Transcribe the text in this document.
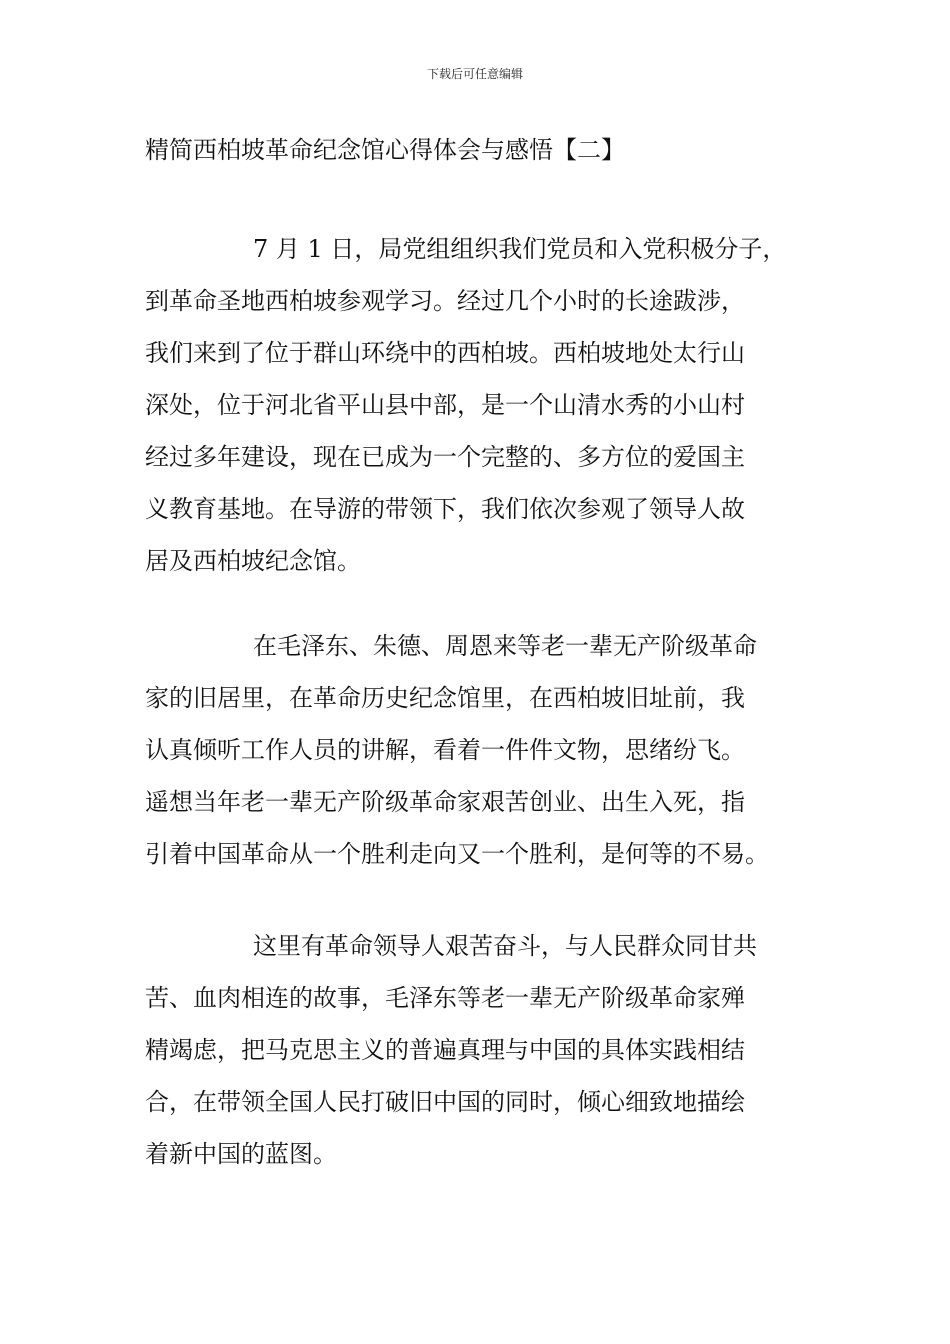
下载后可任意编辑
精简西柏坡革命纪念馆心得体会与感悟【二】
7 月 1 日，局党组组织我们党员和入党积极分子，
到革命圣地西柏坡参观学习。经过几个小时的长途跋涉，
我们来到了位于群山环绕中的西柏坡。西柏坡地处太行山
深处，位于河北省平山县中部，是一个山清水秀的小山村
经过多年建设，现在已成为一个完整的、多方位的爱国主
义教育基地。在导游的带领下，我们依次参观了领导人故
居及西柏坡纪念馆。
在毛泽东、朱德、周恩来等老一辈无产阶级革命
家的旧居里，在革命历史纪念馆里，在西柏坡旧址前，我
认真倾听工作人员的讲解，看着一件件文物，思绪纷飞。
遥想当年老一辈无产阶级革命家艰苦创业、出生入死，指
引着中国革命从一个胜利走向又一个胜利，是何等的不易。
这里有革命领导人艰苦奋斗，与人民群众同甘共
苦、血肉相连的故事，毛泽东等老一辈无产阶级革命家殚
精竭虑，把马克思主义的普遍真理与中国的具体实践相结
合，在带领全国人民打破旧中国的同时，倾心细致地描绘
着新中国的蓝图。
